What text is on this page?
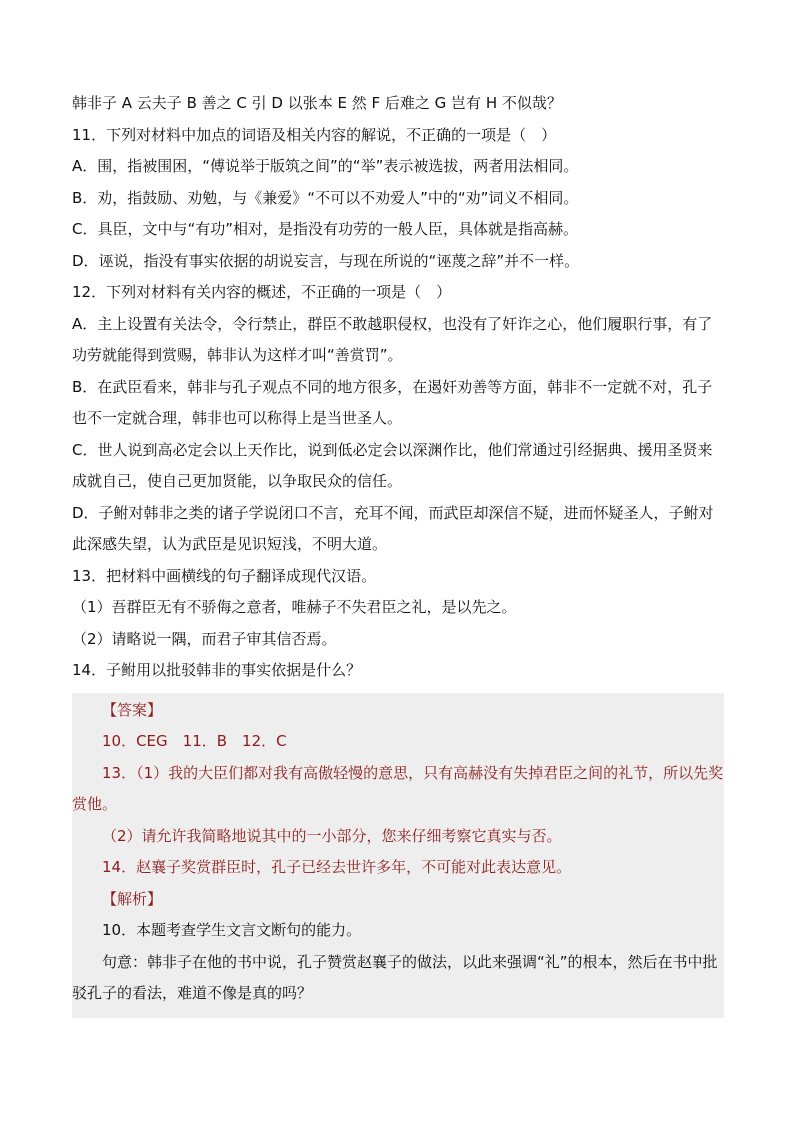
韩非子 A 云夫子 B 善之 C 引 D 以张本 E 然 F 后难之 G 岂有 H 不似哉？
11．下列对材料中加点的词语及相关内容的解说，不正确的一项是（　）
A．围，指被围困，“傅说举于版筑之间”的“举”表示被选拔，两者用法相同。
B．劝，指鼓励、劝勉，与《兼爱》“不可以不劝爱人”中的“劝”词义不相同。
C．具臣，文中与“有功”相对，是指没有功劳的一般人臣，具体就是指高赫。
D．诬说，指没有事实依据的胡说妄言，与现在所说的“诬蔑之辞”并不一样。
12．下列对材料有关内容的概述，不正确的一项是（　）
A．主上设置有关法令，令行禁止，群臣不敢越职侵权，也没有了奸诈之心，他们履职行事，有了功劳就能得到赏赐，韩非认为这样才叫“善赏罚”。
B．在武臣看来，韩非与孔子观点不同的地方很多，在遏奸劝善等方面，韩非不一定就不对，孔子也不一定就合理，韩非也可以称得上是当世圣人。
C．世人说到高必定会以上天作比，说到低必定会以深渊作比，他们常通过引经据典、援用圣贤来成就自己，使自己更加贤能，以争取民众的信任。
D．子鲋对韩非之类的诸子学说闭口不言，充耳不闻，而武臣却深信不疑，进而怀疑圣人，子鲋对此深感失望，认为武臣是见识短浅，不明大道。
13．把材料中画横线的句子翻译成现代汉语。
（1）吾群臣无有不骄侮之意者，唯赫子不失君臣之礼，是以先之。
（2）请略说一隅，而君子审其信否焉。
14．子鲋用以批驳韩非的事实依据是什么？
【答案】
10．CEG　11．B　12．C
13．（1）我的大臣们都对我有高傲轻慢的意思，只有高赫没有失掉君臣之间的礼节，所以先奖赏他。
（2）请允许我简略地说其中的一小部分，您来仔细考察它真实与否。
14．赵襄子奖赏群臣时，孔子已经去世许多年，不可能对此表达意见。
【解析】
10．本题考查学生文言文断句的能力。
句意：韩非子在他的书中说，孔子赞赏赵襄子的做法，以此来强调“礼”的根本，然后在书中批驳孔子的看法，难道不像是真的吗？
